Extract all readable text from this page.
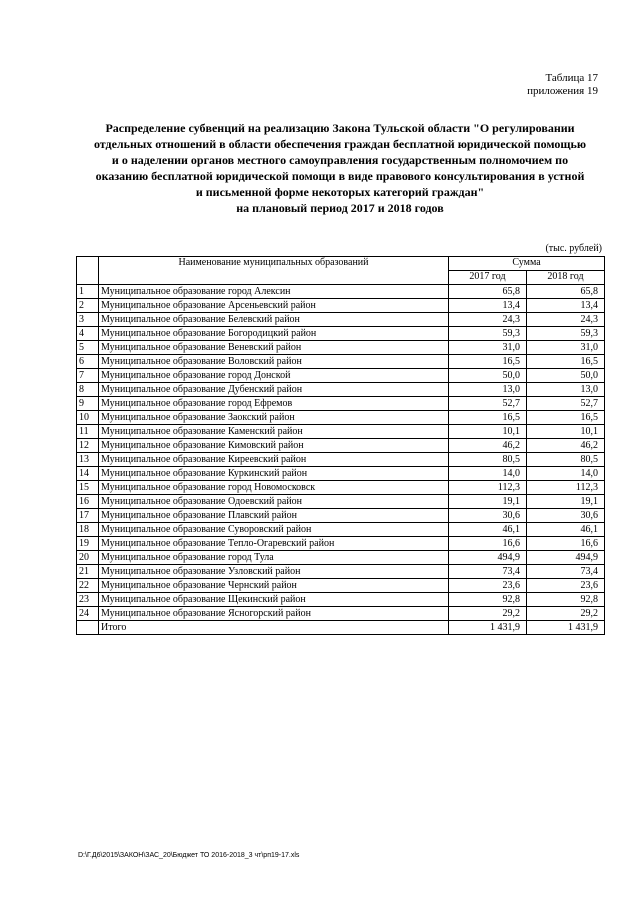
Таблица 17
приложения 19
Распределение субвенций на реализацию Закона Тульской области "О регулировании
отдельных отношений в области обеспечения граждан бесплатной юридической помощью
и о наделении органов местного самоуправления государственным полномочием по
оказанию бесплатной юридической помощи в виде правового консультирования в устной
и письменной форме некоторых категорий граждан"
на плановый период 2017 и 2018 годов
(тыс. рублей)
	Наименование муниципальных образований	Сумма	
		2017 год	2018 год
1	Муниципальное образование город Алексин	65,8	65,8
2	Муниципальное образование Арсеньевский район	13,4	13,4
3	Муниципальное образование Белевский район	24,3	24,3
4	Муниципальное образование Богородицкий район	59,3	59,3
5	Муниципальное образование Веневский район	31,0	31,0
6	Муниципальное образование Воловский район	16,5	16,5
7	Муниципальное образование город Донской	50,0	50,0
8	Муниципальное образование Дубенский район	13,0	13,0
9	Муниципальное образование город Ефремов	52,7	52,7
10	Муниципальное образование Заокский район	16,5	16,5
11	Муниципальное образование Каменский район	10,1	10,1
12	Муниципальное образование Кимовский район	46,2	46,2
13	Муниципальное образование Киреевский район	80,5	80,5
14	Муниципальное образование Куркинский район	14,0	14,0
15	Муниципальное образование город Новомосковск	112,3	112,3
16	Муниципальное образование Одоевский район	19,1	19,1
17	Муниципальное образование Плавский район	30,6	30,6
18	Муниципальное образование Суворовский район	46,1	46,1
19	Муниципальное образование Тепло-Огаревский район	16,6	16,6
20	Муниципальное образование город Тула	494,9	494,9
21	Муниципальное образование Узловский район	73,4	73,4
22	Муниципальное образование Чернский район	23,6	23,6
23	Муниципальное образование Щекинский район	92,8	92,8
24	Муниципальное образование Ясногорский район	29,2	29,2
	Итого	1 431,9	1 431,9
D:\Г.Д6\2015\ЗАКОН\ЗАС_20\Бюджет ТО 2016-2018_3 чт\рп19-17.xls
